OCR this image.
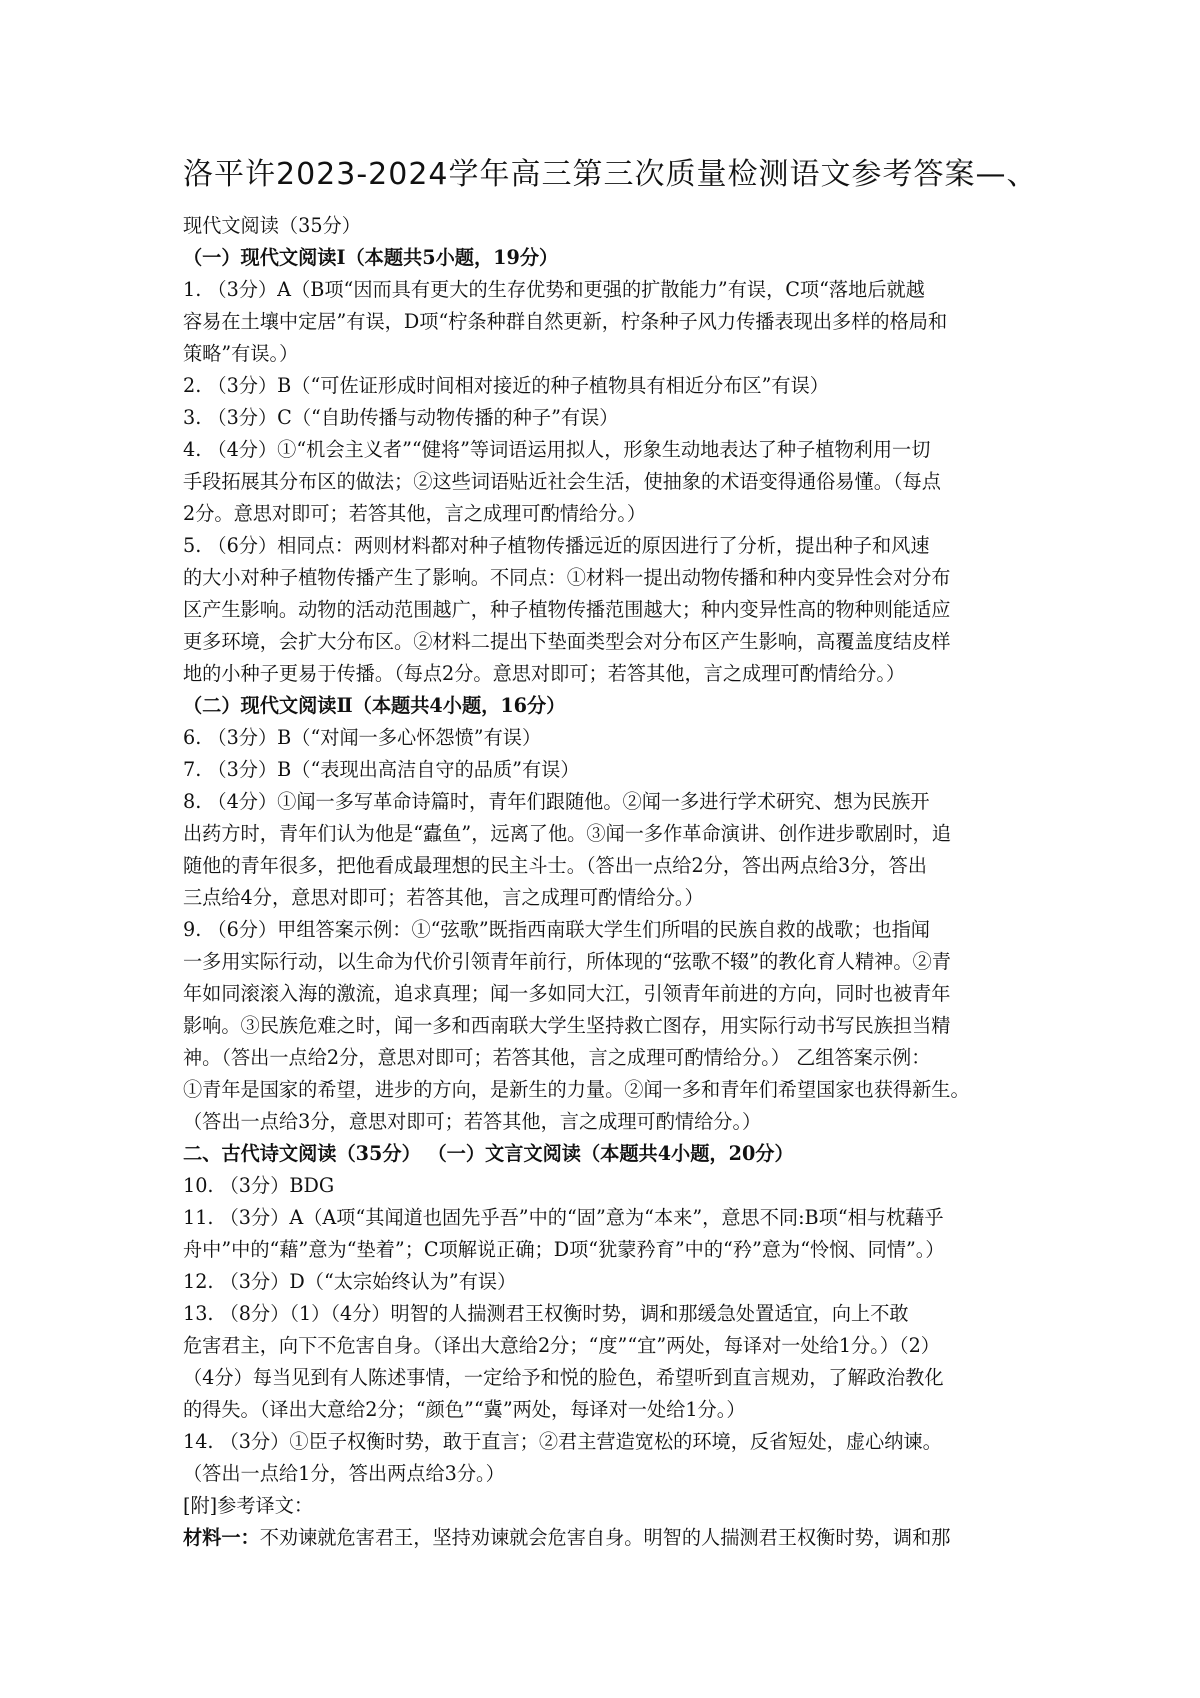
洛平许2023-2024学年高三第三次质量检测语文参考答案—、
现代文阅读（35分）
（一）现代文阅读I（本题共5小题，19分）
1. （3分）A（B项“因而具有更大的生存优势和更强的扩散能力”有误，C项“落地后就越
容易在土壤中定居”有误，D项“柠条种群自然更新，柠条种子风力传播表现出多样的格局和
策略”有误。）
2. （3分）B（“可佐证形成时间相对接近的种子植物具有相近分布区”有误）
3. （3分）C（“自助传播与动物传播的种子”有误）
4. （4分）①“机会主义者”“健将”等词语运用拟人，形象生动地表达了种子植物利用一切
手段拓展其分布区的做法；②这些词语贴近社会生活，使抽象的术语变得通俗易懂。（每点
2分。意思对即可；若答其他，言之成理可酌情给分。）
5. （6分）相同点：两则材料都对种子植物传播远近的原因进行了分析，提出种子和风速
的大小对种子植物传播产生了影响。不同点：①材料一提出动物传播和种内变异性会对分布
区产生影响。动物的活动范围越广，种子植物传播范围越大；种内变异性高的物种则能适应
更多环境，会扩大分布区。②材料二提出下垫面类型会对分布区产生影响，高覆盖度结皮样
地的小种子更易于传播。（每点2分。意思对即可；若答其他，言之成理可酌情给分。）
（二）现代文阅读Ⅱ（本题共4小题，16分）
6. （3分）B（“对闻一多心怀怨愤”有误）
7. （3分）B（“表现出高洁自守的品质”有误）
8. （4分）①闻一多写革命诗篇时，青年们跟随他。②闻一多进行学术研究、想为民族开
出药方时，青年们认为他是“蠹鱼”，远离了他。③闻一多作革命演讲、创作进步歌剧时，追
随他的青年很多，把他看成最理想的民主斗士。（答出一点给2分，答出两点给3分，答出
三点给4分，意思对即可；若答其他，言之成理可酌情给分。）
9. （6分）甲组答案示例：①“弦歌”既指西南联大学生们所唱的民族自救的战歌；也指闻
一多用实际行动，以生命为代价引领青年前行，所体现的“弦歌不辍”的教化育人精神。②青
年如同滚滚入海的激流，追求真理；闻一多如同大江，引领青年前进的方向，同时也被青年
影响。③民族危难之时，闻一多和西南联大学生坚持救亡图存，用实际行动书写民族担当精
神。（答出一点给2分，意思对即可；若答其他，言之成理可酌情给分。） 乙组答案示例：
①青年是国家的希望，进步的方向，是新生的力量。②闻一多和青年们希望国家也获得新生。
（答出一点给3分，意思对即可；若答其他，言之成理可酌情给分。）
二、古代诗文阅读（35分） （一）文言文阅读（本题共4小题，20分）
10. （3分）BDG
11. （3分）A（A项“其闻道也固先乎吾”中的“固”意为“本来”，意思不同:B项“相与枕藉乎
舟中”中的“藉”意为“垫着”；C项解说正确；D项“犹蒙矜育”中的“矜”意为“怜悯、同情”。）
12. （3分）D（“太宗始终认为”有误）
13. （8分）（1）（4分）明智的人揣测君王权衡时势，调和那缓急处置适宜，向上不敢
危害君主，向下不危害自身。（译出大意给2分；“度”“宜”两处，每译对一处给1分。）（2）
（4分）每当见到有人陈述事情，一定给予和悦的脸色，希望听到直言规劝，了解政治教化
的得失。（译出大意给2分；“颜色”“冀”两处，每译对一处给1分。）
14. （3分）①臣子权衡时势，敢于直言；②君主营造宽松的环境，反省短处，虚心纳谏。
（答出一点给1分，答出两点给3分。）
[附]参考译文：
材料一：不劝谏就危害君王，坚持劝谏就会危害自身。明智的人揣测君王权衡时势，调和那
